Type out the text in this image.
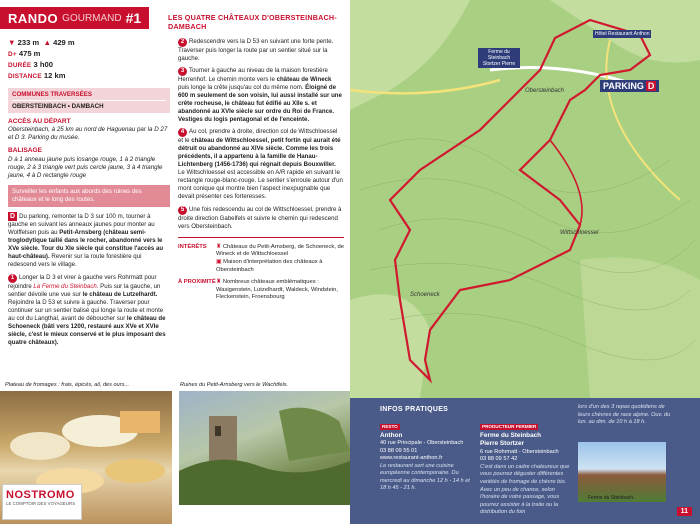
RANDO GOURMAND #1	LES QUATRE CHÂTEAUX D'OBERSTEINBACH-DAMBACH
▼ 233 m ▲ 429 m
D+ 475 m
DURÉE 3 h00
DISTANCE 12 km
COMMUNES TRAVERSÉES
OBERSTEINBACH • DAMBACH
ACCÈS AU DÉPART
Obersteinbach, à 25 km au nord de Haguenau par la D 27 et D 3. Parking du musée.
BALISAGE
D à 1 anneau jaune puis losange rouge, 1 à 2 triangle rouge, 2 à 3 triangle vert puis cercle jaune, 3 à 4 triangle jaune, 4 à D rectangle rouge
Surveiller les enfants aux abords des ruines des châteaux et le long des routes.
D Du parking, remonter la D 3 sur 100 m, tourner à gauche en suivant les anneaux jaunes pour monter au Wolffelsen puis au Petit-Arnsberg (château semi-troglodytique taillé dans le rocher, abandonné vers le XVe siècle. Tour du XIe siècle qui constitue l'accès au haut-château). Revenir sur la route forestière qui redescend vers le village.
1 Longer la D 3 et virer à gauche vers Rohrmatt pour rejoindre La Ferme du Steinbach. Puis sur la gauche, un sentier dévoile une vue sur le château de Lutzelhardt. Rejoindre la D 53 et suivre à gauche. Traverser pour continuer sur un sentier balisé qui longe la route et monte au col du Langthal, avant de déboucher sur le château de Schoeneck (bâti vers 1200, restauré aux XVe et XVIe siècle, c'est le mieux conservé et le plus imposant des quatre châteaux).
2 Redescendre vers la D 53 en suivant une forte pente. Traverser puis longer la route par un sentier situé sur la gauche.
3 Tourner à gauche au niveau de la maison forestière Herrenhof. Le chemin monte vers le château de Wineck puis longe la crête jusqu'au col du même nom. Éloigné de 600 m seulement de son voisin, lui aussi installé sur une crête rocheuse, le château fut édifié au XIIe s. et abandonné au XVIe siècle sur ordre du Roi de France. Vestiges du logis pentagonal et de l'enceinte.
4 Au col, prendre à droite, direction col de Wittschloessel et le château de Wittschloessel, petit fortin qui aurait été détruit ou abandonné au XIVe siècle. Comme les trois précédents, il a appartenu à la famille de Hanau-Lichtenberg (1456-1736) qui régnait depuis Bouxwiller. Le Wittschloessel est accessible en A/R rapide en suivant le rectangle rouge-blanc-rouge. Le sentier s'enroule autour d'un mont conique qui montre bien l'aspect inexpugnable que devait présenter ces forteresses.
5 Une fois redescendu au col de Wittschloessel, prendre à droite direction Gabelfels et suivre le chemin qui redescend vers Obersteinbach.
INTÉRÊTS	♜ Châteaux du Petit-Arnsberg, de Schoeneck, de Wineck et de Wittschloessel
▣ Maison d'interprétation des châteaux à Obersteinbach
À PROXIMITÉ ♜ Nombreux châteaux emblématiques : Wasigenstein, Lutzelhardt, Waldeck, Windstein, Fleckenstein, Froensbourg
Plateau de fromages : frais, épicés, ail, des ours...	Ruines du Petit-Arnsberg vers le Wachtfels.
NOSTROMO
LE COMPTOIR DES VOYAGEURS
Obersteinbach
Wittschloessel
Schoeneck
Ferme du Steinbach Stortzer Pierre
Hôtel Restaurant Anthon
PARKING D
INFOS PRATIQUES
RESTO
Anthon
40 rue Principale - Obersteinbach
03 88 09 55 01
www.restaurant-anthon.fr
Le restaurant sert une cuisine européenne contemporaine. Du mercredi au dimanche 12 h - 14 h et 18 h 45 - 21 h.
PRODUCTEUR FERMIER
Ferme du Steinbach
Pierre Stortzer
6 rue Rohrmatt - Obersteinbach
03 88 09 57 42
C'est dans un cadre chaleureux que vous pourrez déguster différentes variétés de fromage de chèvre bio. Avec un peu de chance, selon l'horaire de votre passage, vous pourrez assister à la traite ou la distribution du foin
lors d'un des 3 repas quotidiens de leurs chèvres de race alpine. Ouv. du lun. au dim. de 10 h à 18 h.
Ferme du Steinbach.
11
